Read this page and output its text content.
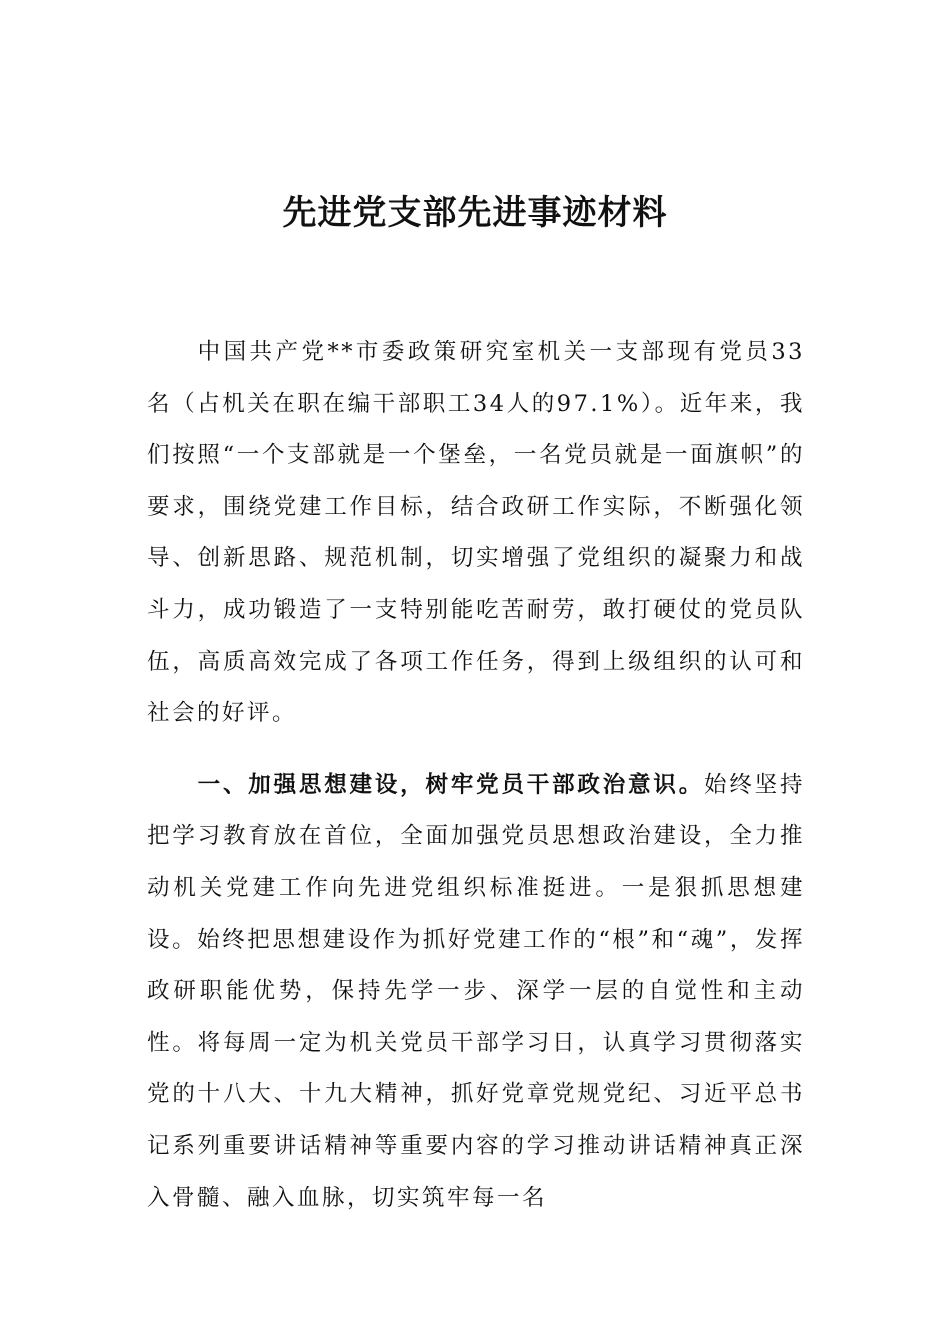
先进党支部先进事迹材料

中国共产党**市委政策研究室机关一支部现有党员33名（占机关在职在编干部职工34人的97.1%）。近年来，我们按照“一个支部就是一个堡垒，一名党员就是一面旗帜”的要求，围绕党建工作目标，结合政研工作实际，不断强化领导、创新思路、规范机制，切实增强了党组织的凝聚力和战斗力，成功锻造了一支特别能吃苦耐劳，敢打硬仗的党员队伍，高质高效完成了各项工作任务，得到上级组织的认可和社会的好评。

一、加强思想建设，树牢党员干部政治意识。始终坚持把学习教育放在首位，全面加强党员思想政治建设，全力推动机关党建工作向先进党组织标准挺进。一是狠抓思想建设。始终把思想建设作为抓好党建工作的“根”和“魂”，发挥政研职能优势，保持先学一步、深学一层的自觉性和主动性。将每周一定为机关党员干部学习日，认真学习贯彻落实党的十八大、十九大精神，抓好党章党规党纪、习近平总书记系列重要讲话精神等重要内容的学习推动讲话精神真正深入骨髓、融入血脉，切实筑牢每一名
